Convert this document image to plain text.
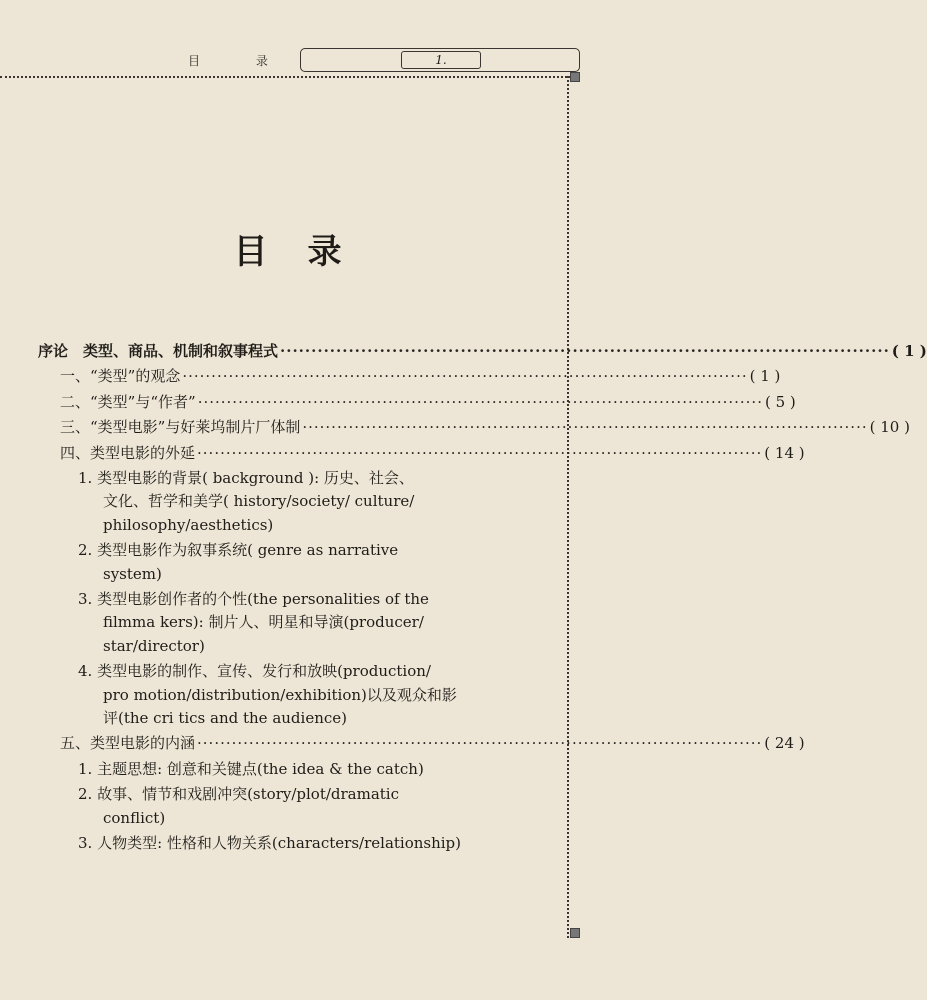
目 录	1.
目录
序论　类型、商品、机制和叙事程式 ·································································································· ( 1 )
一、“类型”的观念 ·································································································· ( 1 )
二、“类型”与“作者” ·································································································· ( 5 )
三、“类型电影”与好莱坞制片厂体制 ·································································································· ( 10 )
四、类型电影的外延 ·································································································· ( 14 )
1. 类型电影的背景( background ): 历史、社会、
文化、哲学和美学( history/society/ culture/
philosophy/aesthetics)
2. 类型电影作为叙事系统( genre as narrative
system)
3. 类型电影创作者的个性(the personalities of the
filmma kers): 制片人、明星和导演(producer/
star/director)
4. 类型电影的制作、宣传、发行和放映(production/
pro motion/distribution/exhibition)以及观众和影
评(the cri tics and the audience)
五、类型电影的内涵 ·································································································· ( 24 )
1. 主题思想: 创意和关键点(the idea & the catch)
2. 故事、情节和戏剧冲突(story/plot/dramatic
conflict)
3. 人物类型: 性格和人物关系(characters/relationship)
